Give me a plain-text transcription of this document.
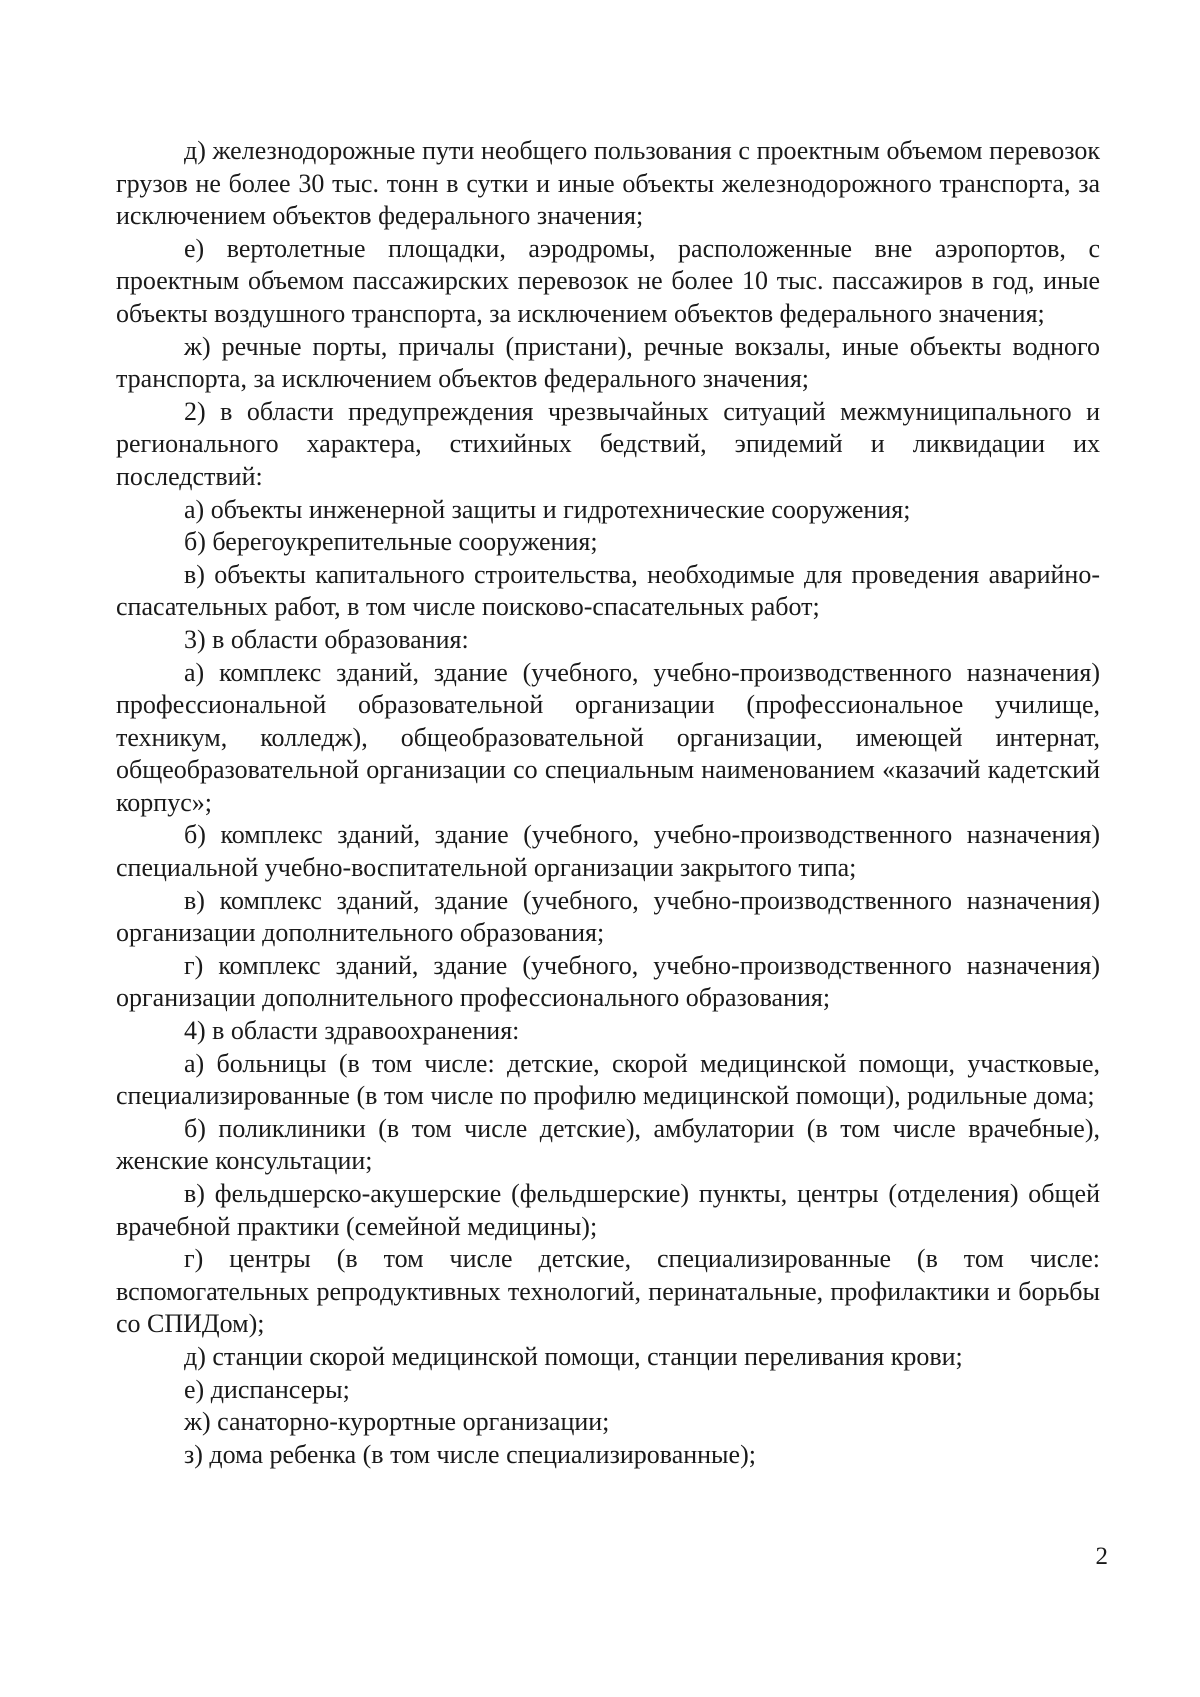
д) железнодорожные пути необщего пользования с проектным объемом перевозок грузов не более 30 тыс. тонн в сутки и иные объекты железнодорожного транспорта, за исключением объектов федерального значения;

е) вертолетные площадки, аэродромы, расположенные вне аэропортов, с проектным объемом пассажирских перевозок не более 10 тыс. пассажиров в год, иные объекты воздушного транспорта, за исключением объектов федерального значения;

ж) речные порты, причалы (пристани), речные вокзалы, иные объекты водного транспорта, за исключением объектов федерального значения;

2) в области предупреждения чрезвычайных ситуаций межмуниципального и регионального характера, стихийных бедствий, эпидемий и ликвидации их последствий:

а) объекты инженерной защиты и гидротехнические сооружения;

б) берегоукрепительные сооружения;

в) объекты капитального строительства, необходимые для проведения аварийно-спасательных работ, в том числе поисково-спасательных работ;

3) в области образования:

а) комплекс зданий, здание (учебного, учебно-производственного назначения) профессиональной образовательной организации (профессиональное училище, техникум, колледж), общеобразовательной организации, имеющей интернат, общеобразовательной организации со специальным наименованием «казачий кадетский корпус»;

б) комплекс зданий, здание (учебного, учебно-производственного назначения) специальной учебно-воспитательной организации закрытого типа;

в) комплекс зданий, здание (учебного, учебно-производственного назначения) организации дополнительного образования;

г) комплекс зданий, здание (учебного, учебно-производственного назначения) организации дополнительного профессионального образования;

4) в области здравоохранения:

а) больницы (в том числе: детские, скорой медицинской помощи, участковые, специализированные (в том числе по профилю медицинской помощи), родильные дома;

б) поликлиники (в том числе детские), амбулатории (в том числе врачебные), женские консультации;

в) фельдшерско-акушерские (фельдшерские) пункты, центры (отделения) общей врачебной практики (семейной медицины);

г) центры (в том числе детские, специализированные (в том числе: вспомогательных репродуктивных технологий, перинатальные, профилактики и борьбы со СПИДом);

д) станции скорой медицинской помощи, станции переливания крови;

е) диспансеры;

ж) санаторно-курортные организации;

з) дома ребенка (в том числе специализированные);

2
